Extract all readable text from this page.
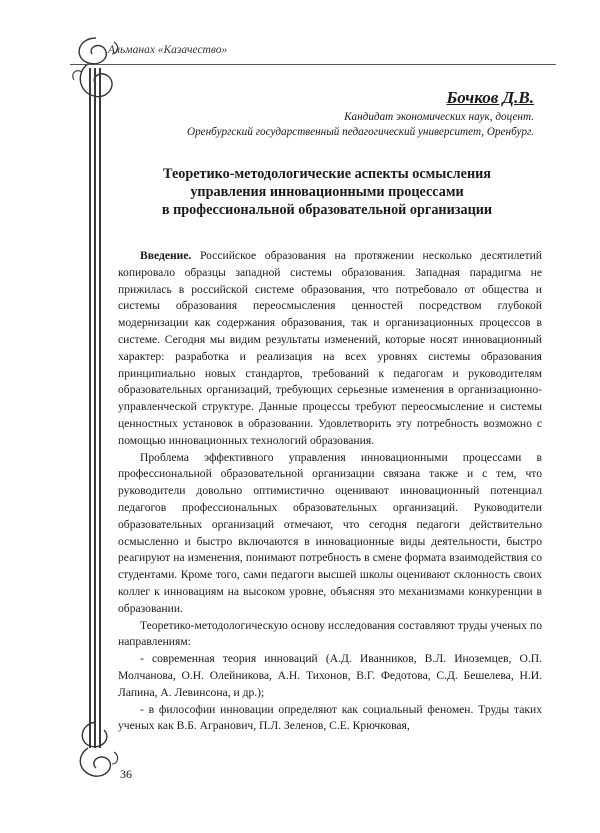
Альманах «Казачество»
Бочков Д.В.
Кандидат экономических наук, доцент.
Оренбургский государственный педагогический университет, Оренбург.
Теоретико-методологические аспекты осмысления
управления инновационными процессами
в профессиональной образовательной организации

Введение. Российское образования на протяжении несколько десятилетий копировало образцы западной системы образования. Западная парадигма не прижилась в российской системе образования, что потребовало от общества и системы образования переосмысления ценностей посредством глубокой модернизации как содержания образования, так и организационных процессов в системе. Сегодня мы видим результаты изменений, которые носят инновационный характер: разработка и реализация на всех уровнях системы образования принципиально новых стандартов, требований к педагогам и руководителям образовательных организаций, требующих серьезные изменения в организационно-управленческой структуре. Данные процессы требуют переосмысление и системы ценностных установок в образовании. Удовлетворить эту потребность возможно с помощью инновационных технологий образования.

Проблема эффективного управления инновационными процессами в профессиональной образовательной организации связана также и с тем, что руководители довольно оптимистично оценивают инновационный потенциал педагогов профессиональных образовательных организаций. Руководители образовательных организаций отмечают, что сегодня педагоги действительно осмысленно и быстро включаются в инновационные виды деятельности, быстро реагируют на изменения, понимают потребность в смене формата взаимодействия со студентами. Кроме того, сами педагоги высшей школы оценивают склонность своих коллег к инновациям на высоком уровне, объясняя это механизмами конкуренции в образовании.

Теоретико-методологическую основу исследования составляют труды ученых по направлениям:

- современная теория инноваций (А.Д. Иванников, В.Л. Иноземцев, О.П. Молчанова, О.Н. Олейникова, А.Н. Тихонов, В.Г. Федотова, С.Д. Бешелева, Н.И. Лапина, А. Левинсона, и др.);

- в философии инновации определяют как социальный феномен. Труды таких ученых как В.Б. Агранович, П.Л. Зеленов, С.Е. Крючковая,

36
